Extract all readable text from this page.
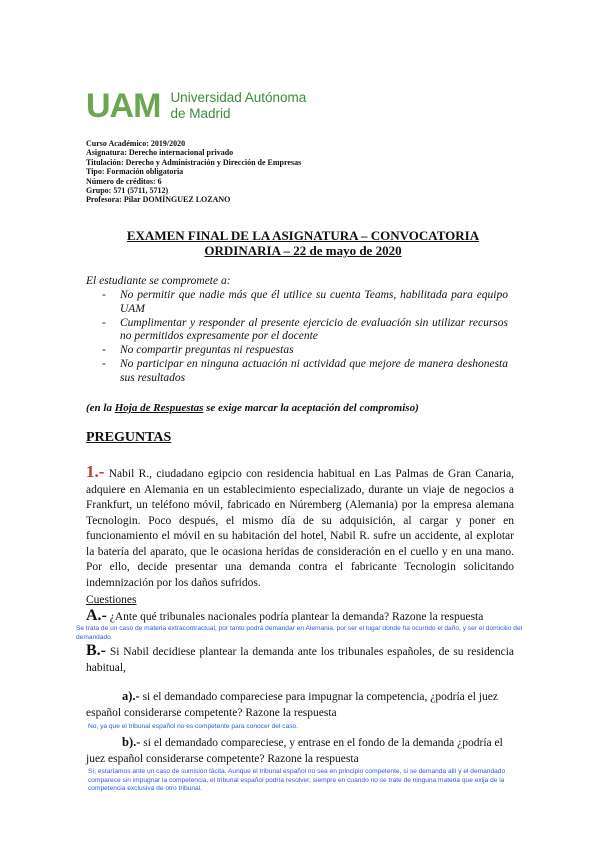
UAM Universidad Autónoma
de Madrid
Curso Académico: 2019/2020
Asignatura: Derecho internacional privado
Titulación: Derecho y Administración y Dirección de Empresas
Tipo: Formación obligatoria
Número de créditos: 6
Grupo: 571 (5711, 5712)
Profesora: Pilar DOMÍNGUEZ LOZANO
EXAMEN FINAL DE LA ASIGNATURA – CONVOCATORIA
ORDINARIA – 22 de mayo de 2020
El estudiante se compromete a:
- No permitir que nadie más que él utilice su cuenta Teams, habilitada para equipo UAM
- Cumplimentar y responder al presente ejercicio de evaluación sin utilizar recursos no permitidos expresamente por el docente
- No compartir preguntas ni respuestas
- No participar en ninguna actuación ni actividad que mejore de manera deshonesta sus resultados
(en la Hoja de Respuestas se exige marcar la aceptación del compromiso)
PREGUNTAS
1.- Nabil R., ciudadano egipcio con residencia habitual en Las Palmas de Gran Canaria, adquiere en Alemania en un establecimiento especializado, durante un viaje de negocios a Frankfurt, un teléfono móvil, fabricado en Núremberg (Alemania) por la empresa alemana Tecnologin. Poco después, el mismo día de su adquisición, al cargar y poner en funcionamiento el móvil en su habitación del hotel, Nabil R. sufre un accidente, al explotar la batería del aparato, que le ocasiona heridas de consideración en el cuello y en una mano. Por ello, decide presentar una demanda contra el fabricante Tecnologin solicitando indemnización por los daños sufridos.
Cuestiones
A.- ¿Ante qué tribunales nacionales podría plantear la demanda? Razone la respuesta
Se trata de un caso de materia extracontractual, por tanto podrá demandar en Alemania, por ser el lugar donde ha ocurrido el daño, y ser el domicilio del demandado.
B.- Si Nabil decidiese plantear la demanda ante los tribunales españoles, de su residencia habitual,
a).- si el demandado compareciese para impugnar la competencia, ¿podría el juez español considerarse competente? Razone la respuesta
No, ya que el tribunal español no es competente para conocer del caso.
b).- si el demandado compareciese, y entrase en el fondo de la demanda ¿podría el juez español considerarse competente? Razone la respuesta
Sí, estaríamos ante un caso de sumisión tácita. Aunque el tribunal español no sea en principio competente, si se demanda allí y el demandado comparece sin impugnar la competencia, el tribunal español podría resolver, siempre en cuando no se trate de ninguna materia que exija de la competencia exclusiva de otro tribunal.
